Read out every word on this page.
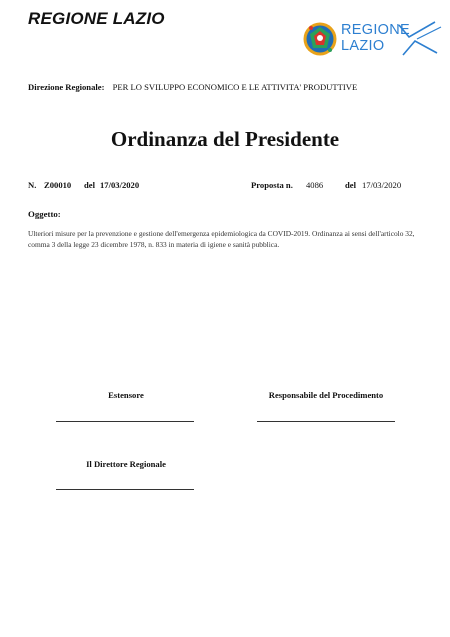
REGIONE LAZIO
REGIONE
LAZIO
Direzione Regionale: PER LO SVILUPPO ECONOMICO E LE ATTIVITA' PRODUTTIVE
Ordinanza del Presidente
N. Z00010 del 17/03/2020	Proposta n. 4086	del 17/03/2020
Oggetto:
Ulteriori misure per la prevenzione e gestione dell'emergenza epidemiologica da COVID-2019. Ordinanza ai sensi dell'articolo 32, comma 3 della legge 23 dicembre 1978, n. 833 in materia di igiene e sanità pubblica.
Estensore	Responsabile del Procedimento
Il Direttore Regionale
